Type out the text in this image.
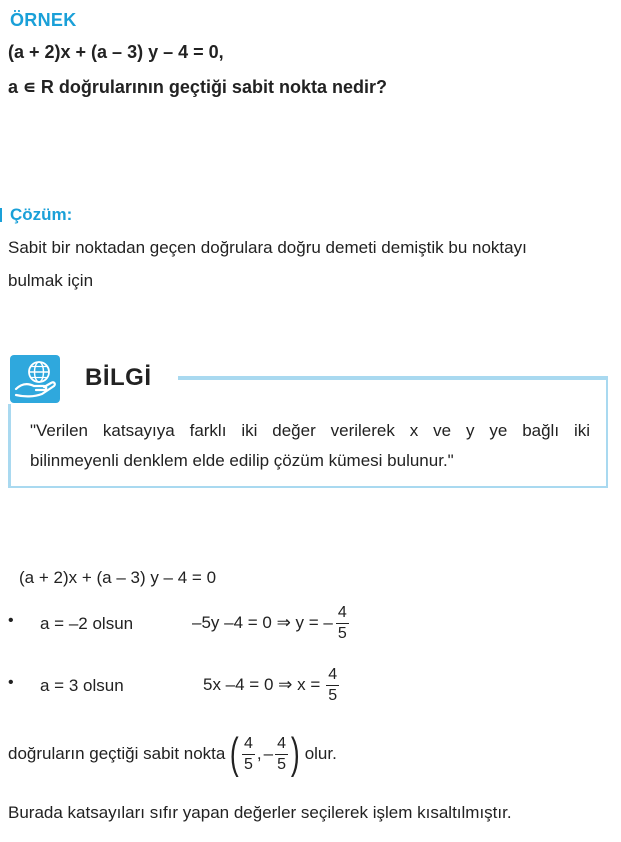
ÖRNEK
(a + 2)x + (a – 3) y – 4 = 0,
a ∊ R doğrularının geçtiği sabit nokta nedir?
Çözüm:
Sabit bir noktadan geçen doğrulara doğru demeti demiştik bu noktayı
bulmak için
BİLGİ
"Verilen katsayıya farklı iki değer verilerek x ve y ye bağlı iki
bilinmeyenli denklem elde edilip çözüm kümesi bulunur."
(a + 2)x + (a – 3) y – 4 = 0
• a = –2 olsun	–5y –4 = 0 ⇒ y = – $\frac{4}{5}$
• a = 3 olsun	5x –4 = 0 ⇒ $x = \frac{4}{5}$
doğruların geçtiği sabit nokta ( $\frac{4}{5}$ , – $\frac{4}{5}$ ) olur.
Burada katsayıları sıfır yapan değerler seçilerek işlem kısaltılmıştır.
